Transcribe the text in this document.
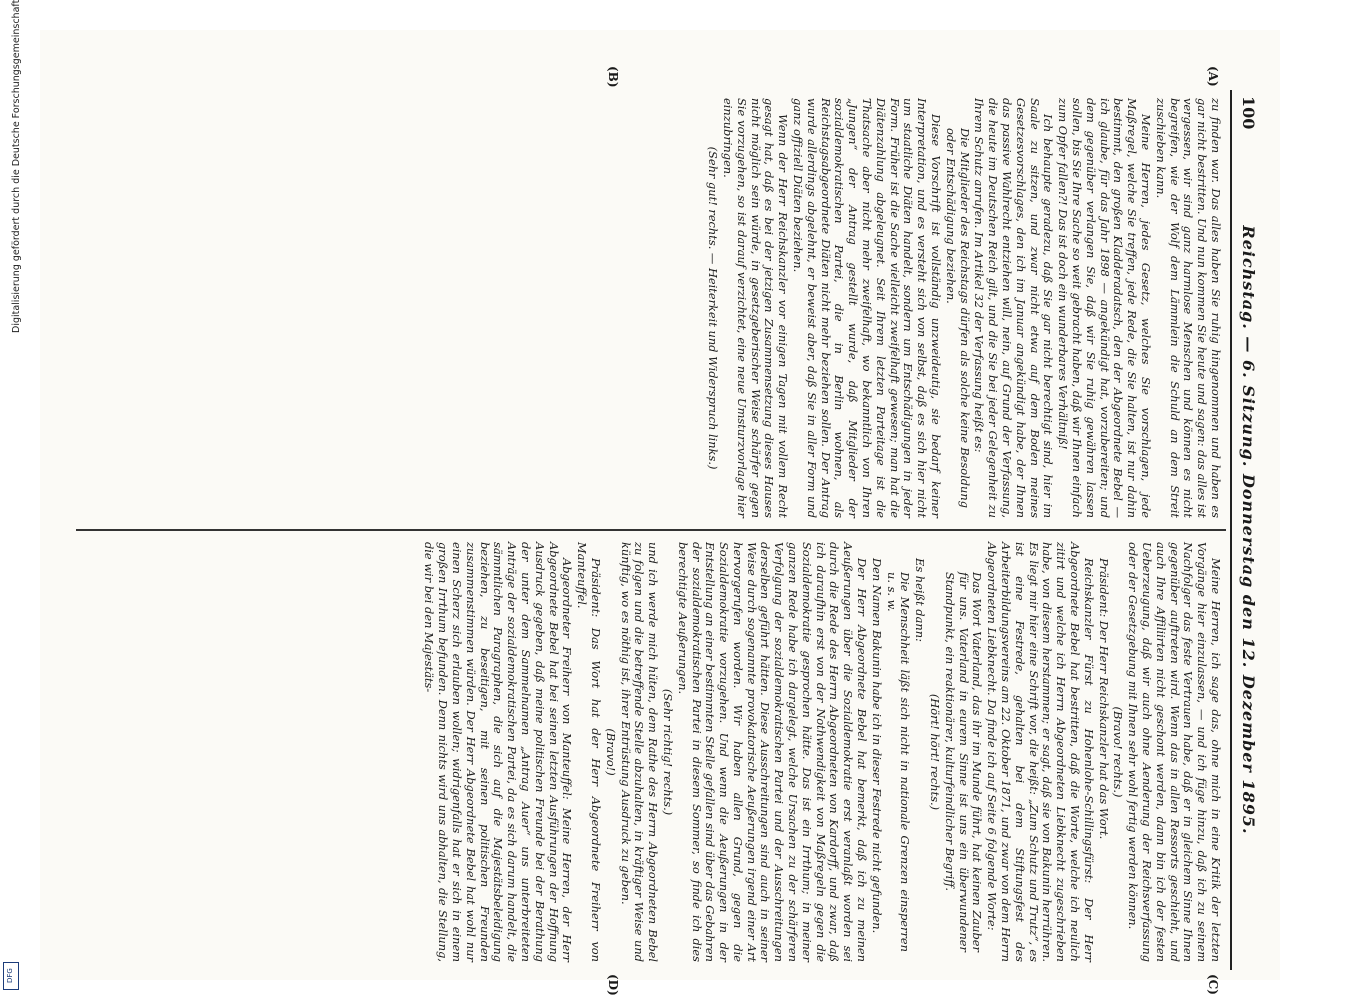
100
Reichstag. — 6. Sitzung. Donnerstag den 12. Dezember 1895.
(A)
(B)
(C)
(D)

zu finden war. Das alles haben Sie ruhig hingenommen und haben es gar nicht bestritten. Und nun kommen Sie heute und sagen: das alles ist vergessen, wir sind ganz harmlose Menschen und können es nicht begreifen, wie der Wolf dem Lämmlein die Schuld an dem Streit zuschieben kann.

Meine Herren, jedes Gesetz, welches Sie vorschlagen, jede Maßregel, welche Sie treffen, jede Rede, die Sie halten, ist nur dahin bestimmt, den großen Kladderadatsch, den der Abgeordnete Bebel — ich glaube, für das Jahr 1898 — angekündigt hat, vorzubereiten; und dem gegenüber verlangen Sie, daß wir Sie ruhig gewähren lassen sollen, bis Sie Ihre Sache so weit gebracht haben, daß wir Ihnen einfach zum Opfer fallen?! Das ist doch ein wunderbares Verhältniß!

Ich behaupte geradezu, daß Sie gar nicht berechtigt sind, hier im Saale zu sitzen, und zwar nicht etwa auf dem Boden meines Gesetzesvorschlages, den ich im Januar angekündigt habe, der Ihnen das passive Wahlrecht entziehen will, nein, auf Grund der Verfassung, die heute im Deutschen Reich gilt, und die Sie bei jeder Gelegenheit zu Ihrem Schutz anrufen. Im Artikel 32 der Verfassung heißt es:

Die Mitglieder des Reichstags dürfen als solche keine Besoldung oder Entschädigung beziehen.

Diese Vorschrift ist vollständig unzweideutig, sie bedarf keiner Interpretation, und es versteht sich von selbst, daß es sich hier nicht um staatliche Diäten handelt, sondern um Entschädigungen in jeder Form. Früher ist die Sache vielleicht zweifelhaft gewesen; man hat die Diätenzahlung abgeleugnet. Seit Ihrem letzten Parteitage ist die Thatsache aber nicht mehr zweifelhaft, wo bekanntlich von Ihren „Jungen“ der Antrag gestellt wurde, daß Mitglieder der sozialdemokratischen Partei, die in Berlin wohnen, als Reichstagsabgeordnete Diäten nicht mehr beziehen sollen. Der Antrag wurde allerdings abgelehnt, er beweist aber, daß Sie in aller Form und ganz offiziell Diäten beziehen.

Wenn der Herr Reichskanzler vor einigen Tagen mit vollem Recht gesagt hat, daß es bei der jetzigen Zusammensetzung dieses Hauses nicht möglich sein würde, in gesetzgeberischer Weise schärfer gegen Sie vorzugehen, so ist darauf verzichtet, eine neue Umsturzvorlage hier einzubringen.

(Sehr gut! rechts. — Heiterkeit und Widerspruch links.)

Meine Herren, ich sage das, ohne mich in eine Kritik der letzten Vorgänge hier einzulassen, — und ich füge hinzu, daß ich zu seinem Nachfolger das feste Vertrauen habe, daß er in gleichem Sinne Ihnen gegenüber auftreten wird. Wenn das in allen Ressorts geschieht, und auch Ihre Affiliirten nicht geschont werden, dann bin ich der festen Ueberzeugung, daß wir auch ohne Aenderung der Reichsverfassung oder der Gesetzgebung mit Ihnen sehr wohl fertig werden können.

(Bravo! rechts.)

Präsident: Der Herr Reichskanzler hat das Wort.

Reichskanzler Fürst zu Hohenlohe-Schillingsfürst: Der Herr Abgeordnete Bebel hat bestritten, daß die Worte, welche ich neulich zitirt und welche ich Herrn Abgeordneten Liebknecht zugeschrieben habe, von diesem herstammen; er sagt, daß sie von Bakunin herrühren. Es liegt mir hier eine Schrift vor, die heißt: „Zum Schutz und Trutz“, es ist eine Festrede, gehalten bei dem Stiftungsfest des Arbeiterbildungsvereins am 22. Oktober 1871, und zwar von dem Herrn Abgeordneten Liebknecht. Da finde ich auf Seite 6 folgende Worte:

Das Wort Vaterland, das ihr im Munde führt, hat keinen Zauber für uns. Vaterland in eurem Sinne ist uns ein überwundener Standpunkt, ein reaktionärer, kulturfeindlicher Begriff.

(Hört! hört! rechts.)

Es heißt dann:

Die Menschheit läßt sich nicht in nationale Grenzen einsperren u. s. w.

Den Namen Bakunin habe ich in dieser Festrede nicht gefunden.

Der Herr Abgeordnete Bebel hat bemerkt, daß ich zu meinen Aeußerungen über die Sozialdemokratie erst veranlaßt worden sei durch die Rede des Herrn Abgeordneten von Kardorff, und zwar, daß ich daraufhin erst von der Nothwendigkeit von Maßregeln gegen die Sozialdemokratie gesprochen hätte. Das ist ein Irrthum; in meiner ganzen Rede habe ich dargelegt, welche Ursachen zu der schärferen Verfolgung der sozialdemokratischen Partei und der Ausschreitungen derselben geführt hätten. Diese Ausschreitungen sind auch in seiner Weise durch sogenannte provokatorische Aeußerungen irgend einer Art hervorgerufen worden. Wir haben allen Grund, gegen die Sozialdemokratie vorzugehen. Und wenn die Aeußerungen in der Entstellung an einer bestimmten Stelle gefallen sind über das Gebahren der sozialdemokratischen Partei in diesem Sommer, so finde ich dies berechtigte Aeußerungen.

(Sehr richtig! rechts.)

und ich werde mich hüten, dem Rathe des Herrn Abgeordneten Bebel zu folgen und die betreffende Stelle abzuhalten, in kräftiger Weise und künftig, wo es nöthig ist, ihrer Entrüstung Ausdruck zu geben.

(Bravo!)

Präsident: Das Wort hat der Herr Abgeordnete Freiherr von Manteuffel.

Abgeordneter Freiherr von Manteuffel: Meine Herren, der Herr Abgeordnete Bebel hat bei seinen letzten Ausführungen der Hoffnung Ausdruck gegeben, daß meine politischen Freunde bei der Berathung der unter dem Sammelnamen „Antrag Auer“ uns unterbreiteten Anträge der sozialdemokratischen Partei, da es sich darum handelt, die sämmtlichen Paragraphen, die sich auf die Majestätsbeleidigung beziehen, zu beseitigen, mit seinen politischen Freunden zusammenstimmen würden. Der Herr Abgeordnete Bebel hat wohl nur einen Scherz sich erlauben wollen; widrigenfalls hat er sich in einem großen Irrthum befunden. Denn nichts wird uns abhalten, die Stellung, die wir bei den Majestäts-

Digitalisierung gefördert durch die Deutsche Forschungsgemeinschaft
DFG
